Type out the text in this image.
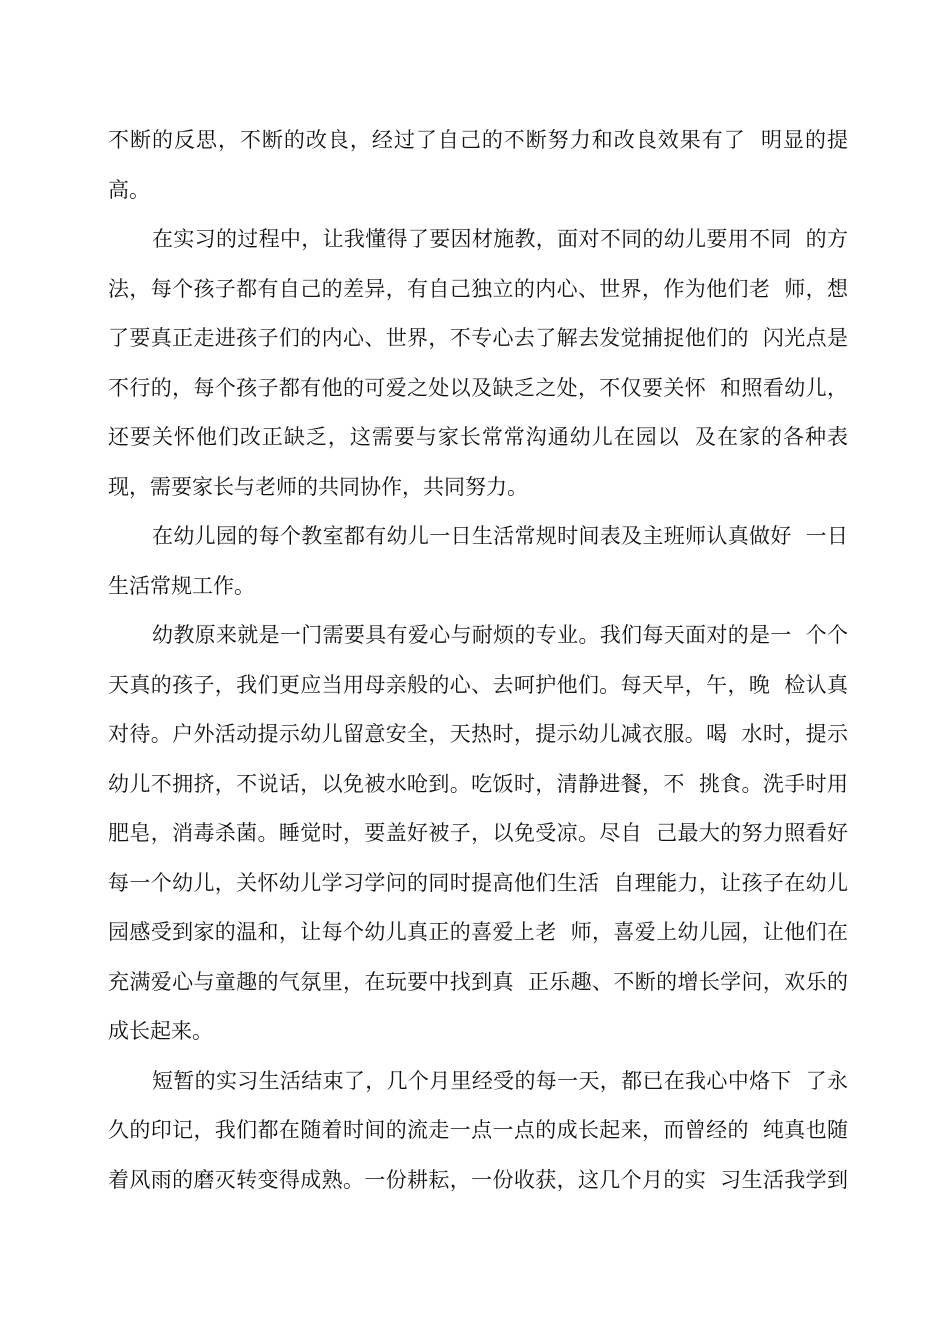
不断的反思，不断的改良，经过了自己的不断努力和改良效果有了  明显的提
高。
在实习的过程中，让我懂得了要因材施教，面对不同的幼儿要用不同  的方
法，每个孩子都有自己的差异，有自己独立的内心、世界，作为他们老  师，想
了要真正走进孩子们的内心、世界，不专心去了解去发觉捕捉他们的  闪光点是
不行的，每个孩子都有他的可爱之处以及缺乏之处，不仅要关怀  和照看幼儿，
还要关怀他们改正缺乏，这需要与家长常常沟通幼儿在园以  及在家的各种表
现，需要家长与老师的共同协作，共同努力。
在幼儿园的每个教室都有幼儿一日生活常规时间表及主班师认真做好  一日
生活常规工作。
幼教原来就是一门需要具有爱心与耐烦的专业。我们每天面对的是一  个个
天真的孩子，我们更应当用母亲般的心、去呵护他们。每天早，午，晚  检认真
对待。户外活动提示幼儿留意安全，天热时，提示幼儿减衣服。喝  水时，提示
幼儿不拥挤，不说话，以免被水呛到。吃饭时，清静进餐，不  挑食。洗手时用
肥皂，消毒杀菌。睡觉时，要盖好被子，以免受凉。尽自  己最大的努力照看好
每一个幼儿，关怀幼儿学习学问的同时提高他们生活  自理能力，让孩子在幼儿
园感受到家的温和，让每个幼儿真正的喜爱上老  师，喜爱上幼儿园，让他们在
充满爱心与童趣的气氛里，在玩要中找到真  正乐趣、不断的增长学问，欢乐的
成长起来。
短暂的实习生活结束了，几个月里经受的每一天，都已在我心中烙下  了永
久的印记，我们都在随着时间的流走一点一点的成长起来，而曾经的  纯真也随
着风雨的磨灭转变得成熟。一份耕耘，一份收获，这几个月的实  习生活我学到
